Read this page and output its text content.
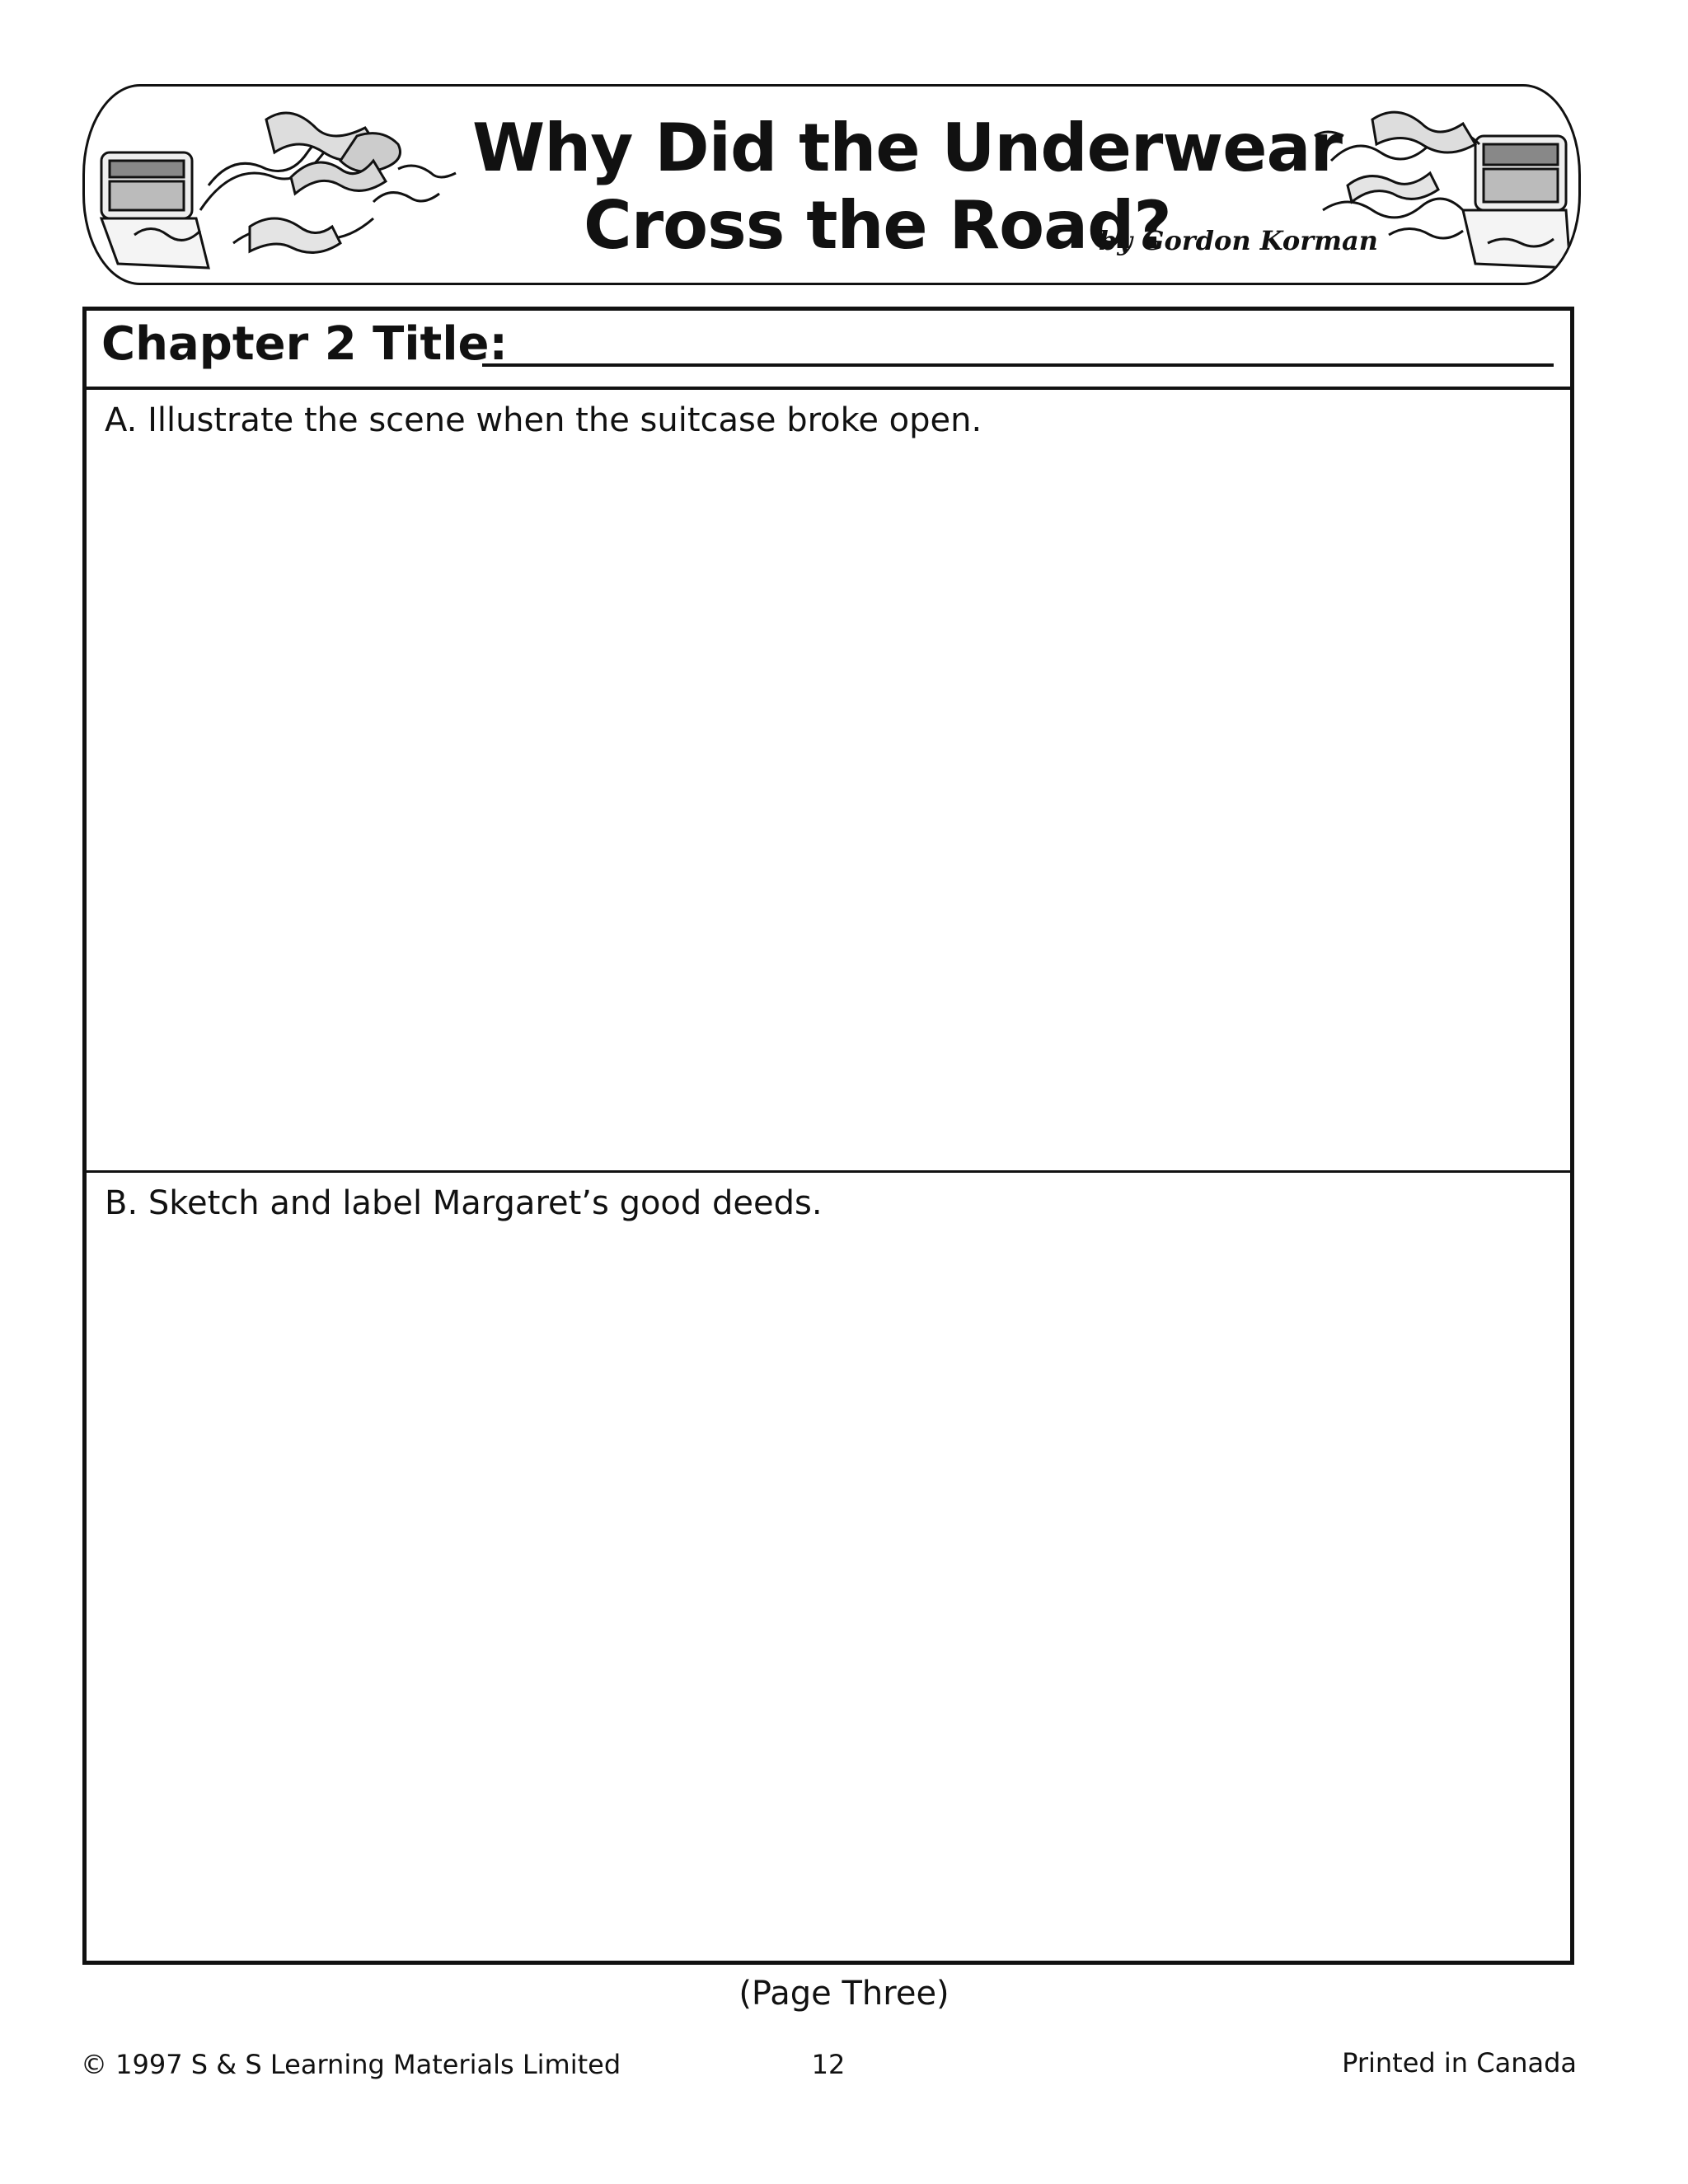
Why Did the Underwear
Cross the Road?
by Gordon Korman
Chapter 2 Title:
A. Illustrate the scene when the suitcase broke open.
B. Sketch and label Margaret’s good deeds.
(Page Three)
© 1997 S & S Learning Materials Limited	12	Printed in Canada
